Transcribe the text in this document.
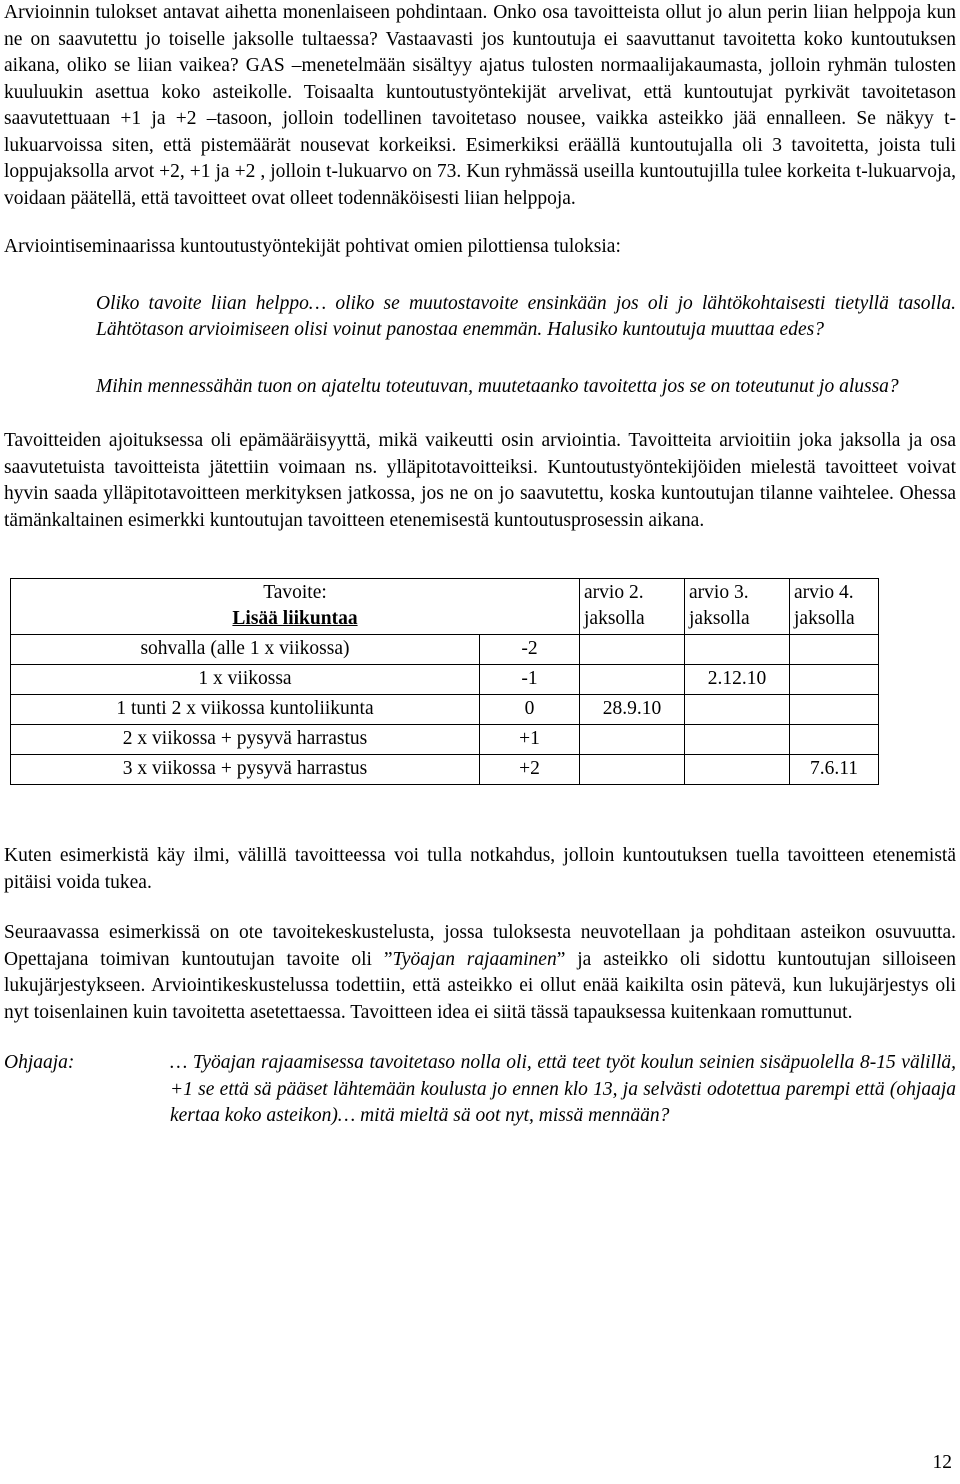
Arvioinnin tulokset antavat aihetta monenlaiseen pohdintaan. Onko osa tavoitteista ollut jo alun perin liian helppoja kun ne on saavutettu jo toiselle jaksolle tultaessa? Vastaavasti jos kuntoutuja ei saavuttanut tavoitetta koko kuntoutuksen aikana, oliko se liian vaikea? GAS –menetelmään sisältyy ajatus tulosten normaalijakaumasta, jolloin ryhmän tulosten kuuluukin asettua koko asteikolle. Toisaalta kuntoutustyöntekijät arvelivat, että kuntoutujat pyrkivät tavoitetason saavutettuaan +1 ja +2 –tasoon, jolloin todellinen tavoitetaso nousee, vaikka asteikko jää ennalleen. Se näkyy t-lukuarvoissa siten, että pistemäärät nousevat korkeiksi. Esimerkiksi eräällä kuntoutujalla oli 3 tavoitetta, joista tuli loppujaksolla arvot +2, +1 ja +2 , jolloin t-lukuarvo on 73. Kun ryhmässä useilla kuntoutujilla tulee korkeita t-lukuarvoja, voidaan päätellä, että tavoitteet ovat olleet todennäköisesti liian helppoja.

Arviointiseminaarissa kuntoutustyöntekijät pohtivat omien pilottiensa tuloksia:

Oliko tavoite liian helppo… oliko se muutostavoite ensinkään jos oli jo lähtökohtaisesti tietyllä tasolla. Lähtötason arvioimiseen olisi voinut panostaa enemmän. Halusiko kuntoutuja muuttaa edes?

Mihin mennessähän tuon on ajateltu toteutuvan, muutetaanko tavoitetta jos se on toteutunut jo alussa?

Tavoitteiden ajoituksessa oli epämääräisyyttä, mikä vaikeutti osin arviointia. Tavoitteita arvioitiin joka jaksolla ja osa saavutetuista tavoitteista jätettiin voimaan ns. ylläpitotavoitteiksi. Kuntoutustyöntekijöiden mielestä tavoitteet voivat hyvin saada ylläpitotavoitteen merkityksen jatkossa, jos ne on jo saavutettu, koska kuntoutujan tilanne vaihtelee. Ohessa tämänkaltainen esimerkki kuntoutujan tavoitteen etenemisestä kuntoutusprosessin aikana.

Tavoite:
Lisää liikuntaa		arvio 2. jaksolla	arvio 3. jaksolla	arvio 4. jaksolla
sohvalla (alle 1 x viikossa)	-2			
1 x viikossa	-1		2.12.10	
1 tunti 2 x viikossa kuntoliikunta	0	28.9.10		
2 x viikossa + pysyvä harrastus	+1			
3 x viikossa + pysyvä harrastus	+2			7.6.11

Kuten esimerkistä käy ilmi, välillä tavoitteessa voi tulla notkahdus, jolloin kuntoutuksen tuella tavoitteen etenemistä pitäisi voida tukea.

Seuraavassa esimerkissä on ote tavoitekeskustelusta, jossa tuloksesta neuvotellaan ja pohditaan asteikon osuvuutta. Opettajana toimivan kuntoutujan tavoite oli ”Työajan rajaaminen” ja asteikko oli sidottu kuntoutujan silloiseen lukujärjestykseen. Arviointikeskustelussa todettiin, että asteikko ei ollut enää kaikilta osin pätevä, kun lukujärjestys oli nyt toisenlainen kuin tavoitetta asetettaessa. Tavoitteen idea ei siitä tässä tapauksessa kuitenkaan romuttunut.

Ohjaaja:	… Työajan rajaamisessa tavoitetaso nolla oli, että teet työt koulun seinien sisäpuolella 8-15 välillä, +1 se että sä pääset lähtemään koulusta jo ennen klo 13, ja selvästi odotettua parempi että (ohjaaja kertaa koko asteikon)… mitä mieltä sä oot nyt, missä mennään?
12
